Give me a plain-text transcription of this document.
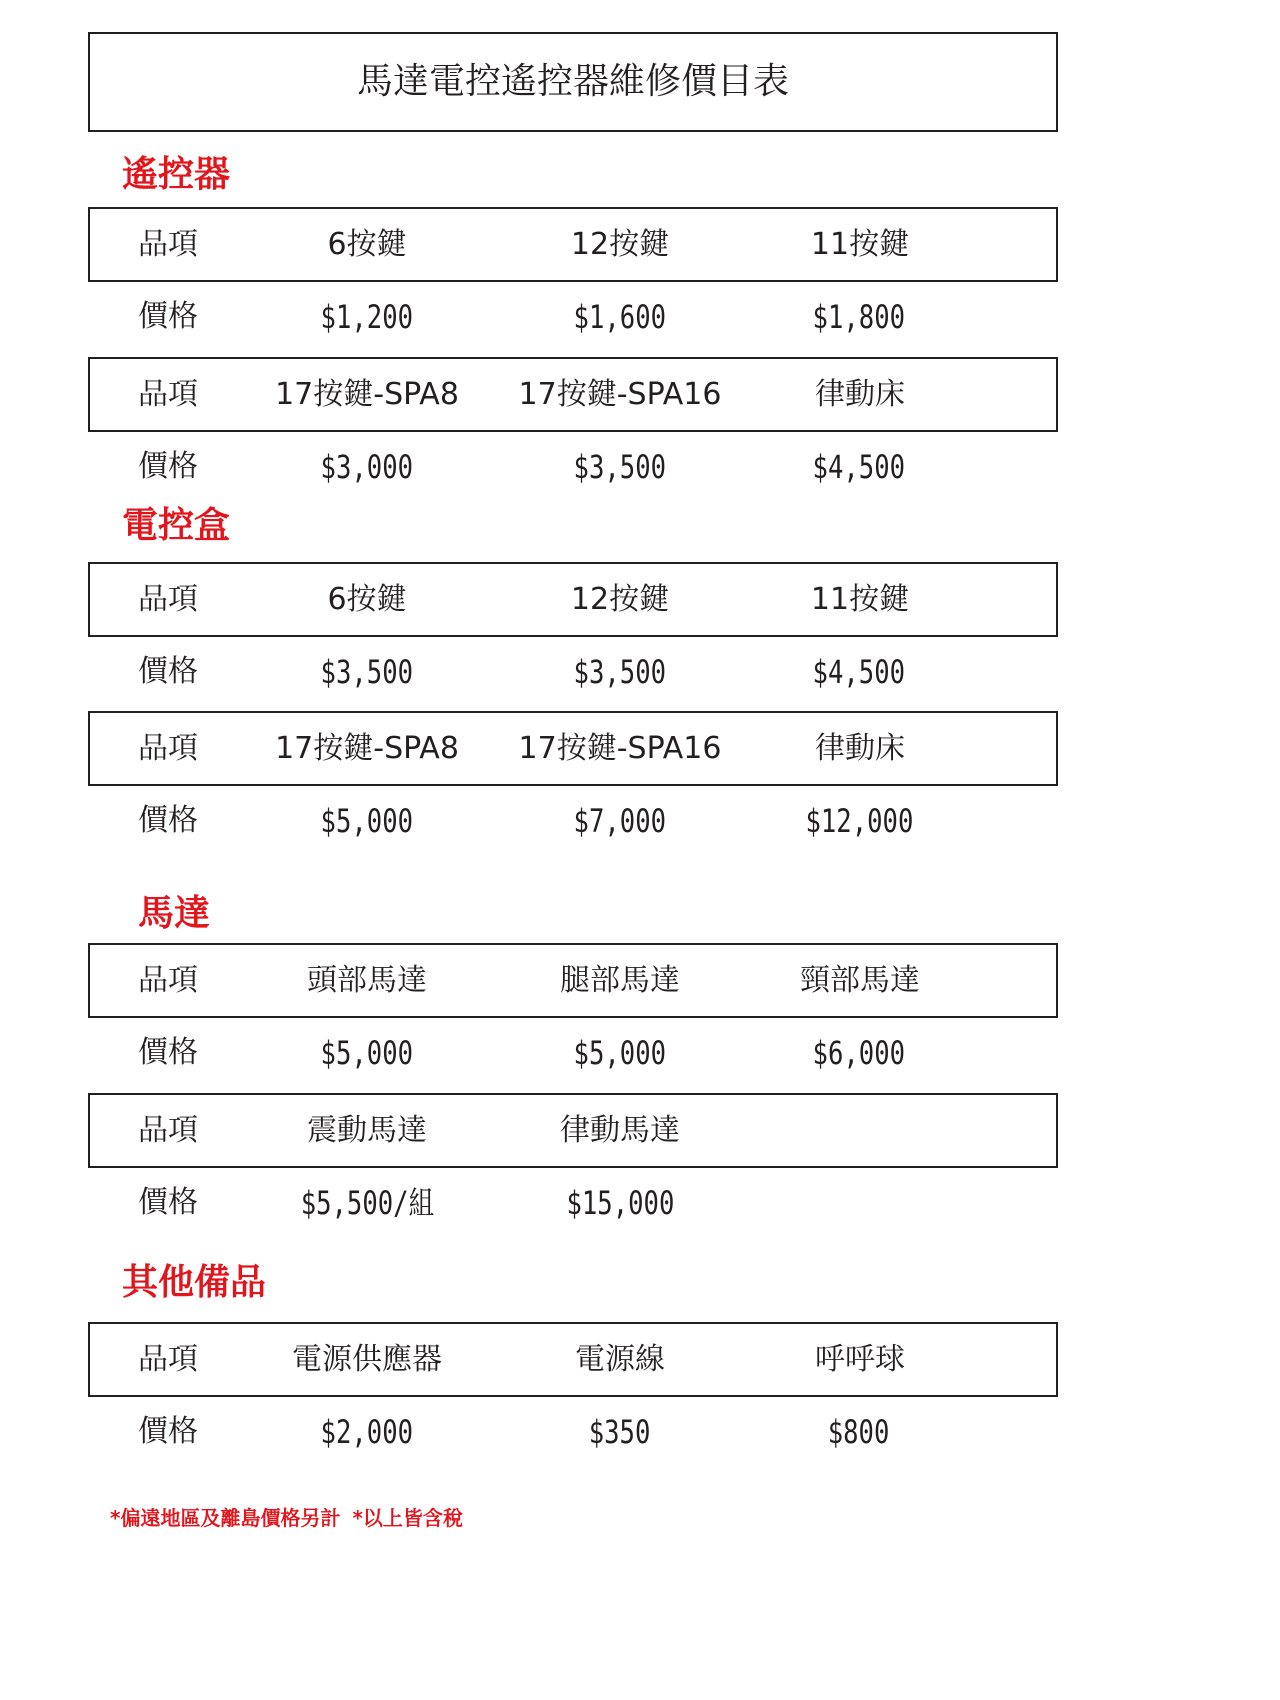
馬達電控遙控器維修價目表
遙控器
品項	6按鍵	12按鍵	11按鍵
價格	$1,200	$1,600	$1,800
品項	17按鍵-SPA8	17按鍵-SPA16	律動床
價格	$3,000	$3,500	$4,500
電控盒
品項	6按鍵	12按鍵	11按鍵
價格	$3,500	$3,500	$4,500
品項	17按鍵-SPA8	17按鍵-SPA16	律動床
價格	$5,000	$7,000	$12,000
馬達
品項	頭部馬達	腿部馬達	頸部馬達
價格	$5,000	$5,000	$6,000
品項	震動馬達	律動馬達
價格	$5,500/組	$15,000
其他備品
品項	電源供應器	電源線	呼呼球
價格	$2,000	$350	$800
*偏遠地區及離島價格另計 *以上皆含稅
